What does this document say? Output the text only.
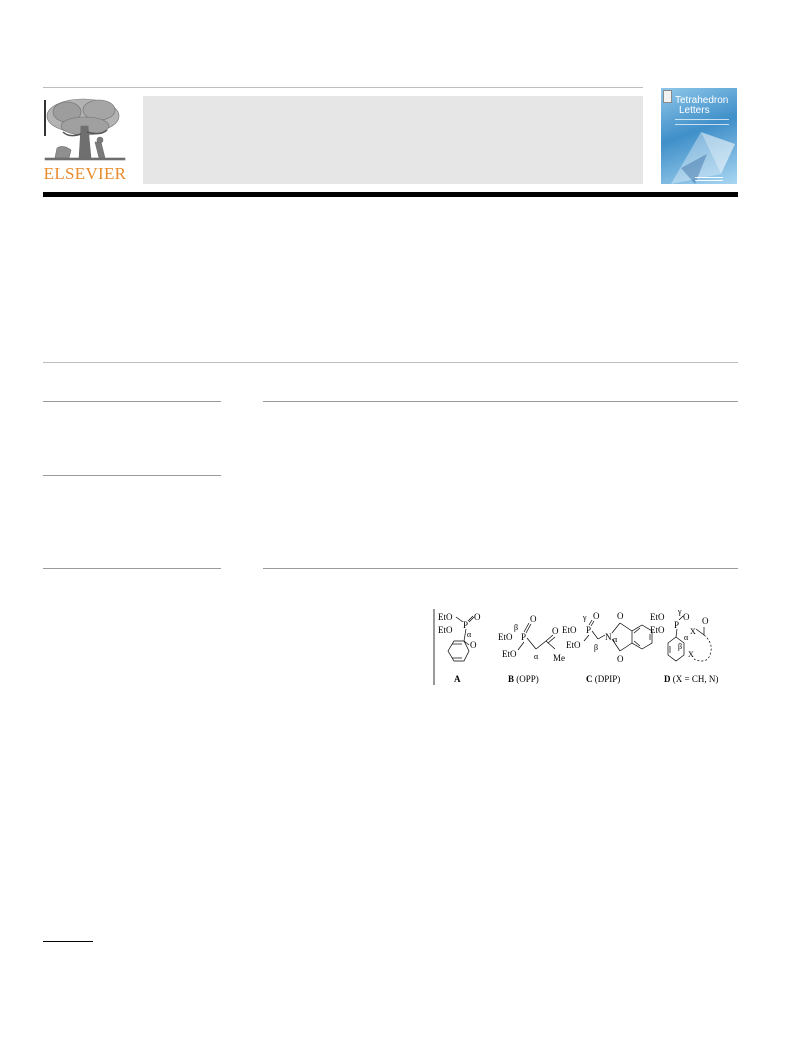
ELSEVIER
Tetrahedron
Letters
EtO
EtO P
O
O
α
A
EtO
EtO
P
O
O
β
α Me
B (OPP)
EtO
EtO
P
O O
O
N
γ
β
α
C (DPIP)
EtO
EtO P
O O
γ
β
α
X
X
D (X = CH, N)
